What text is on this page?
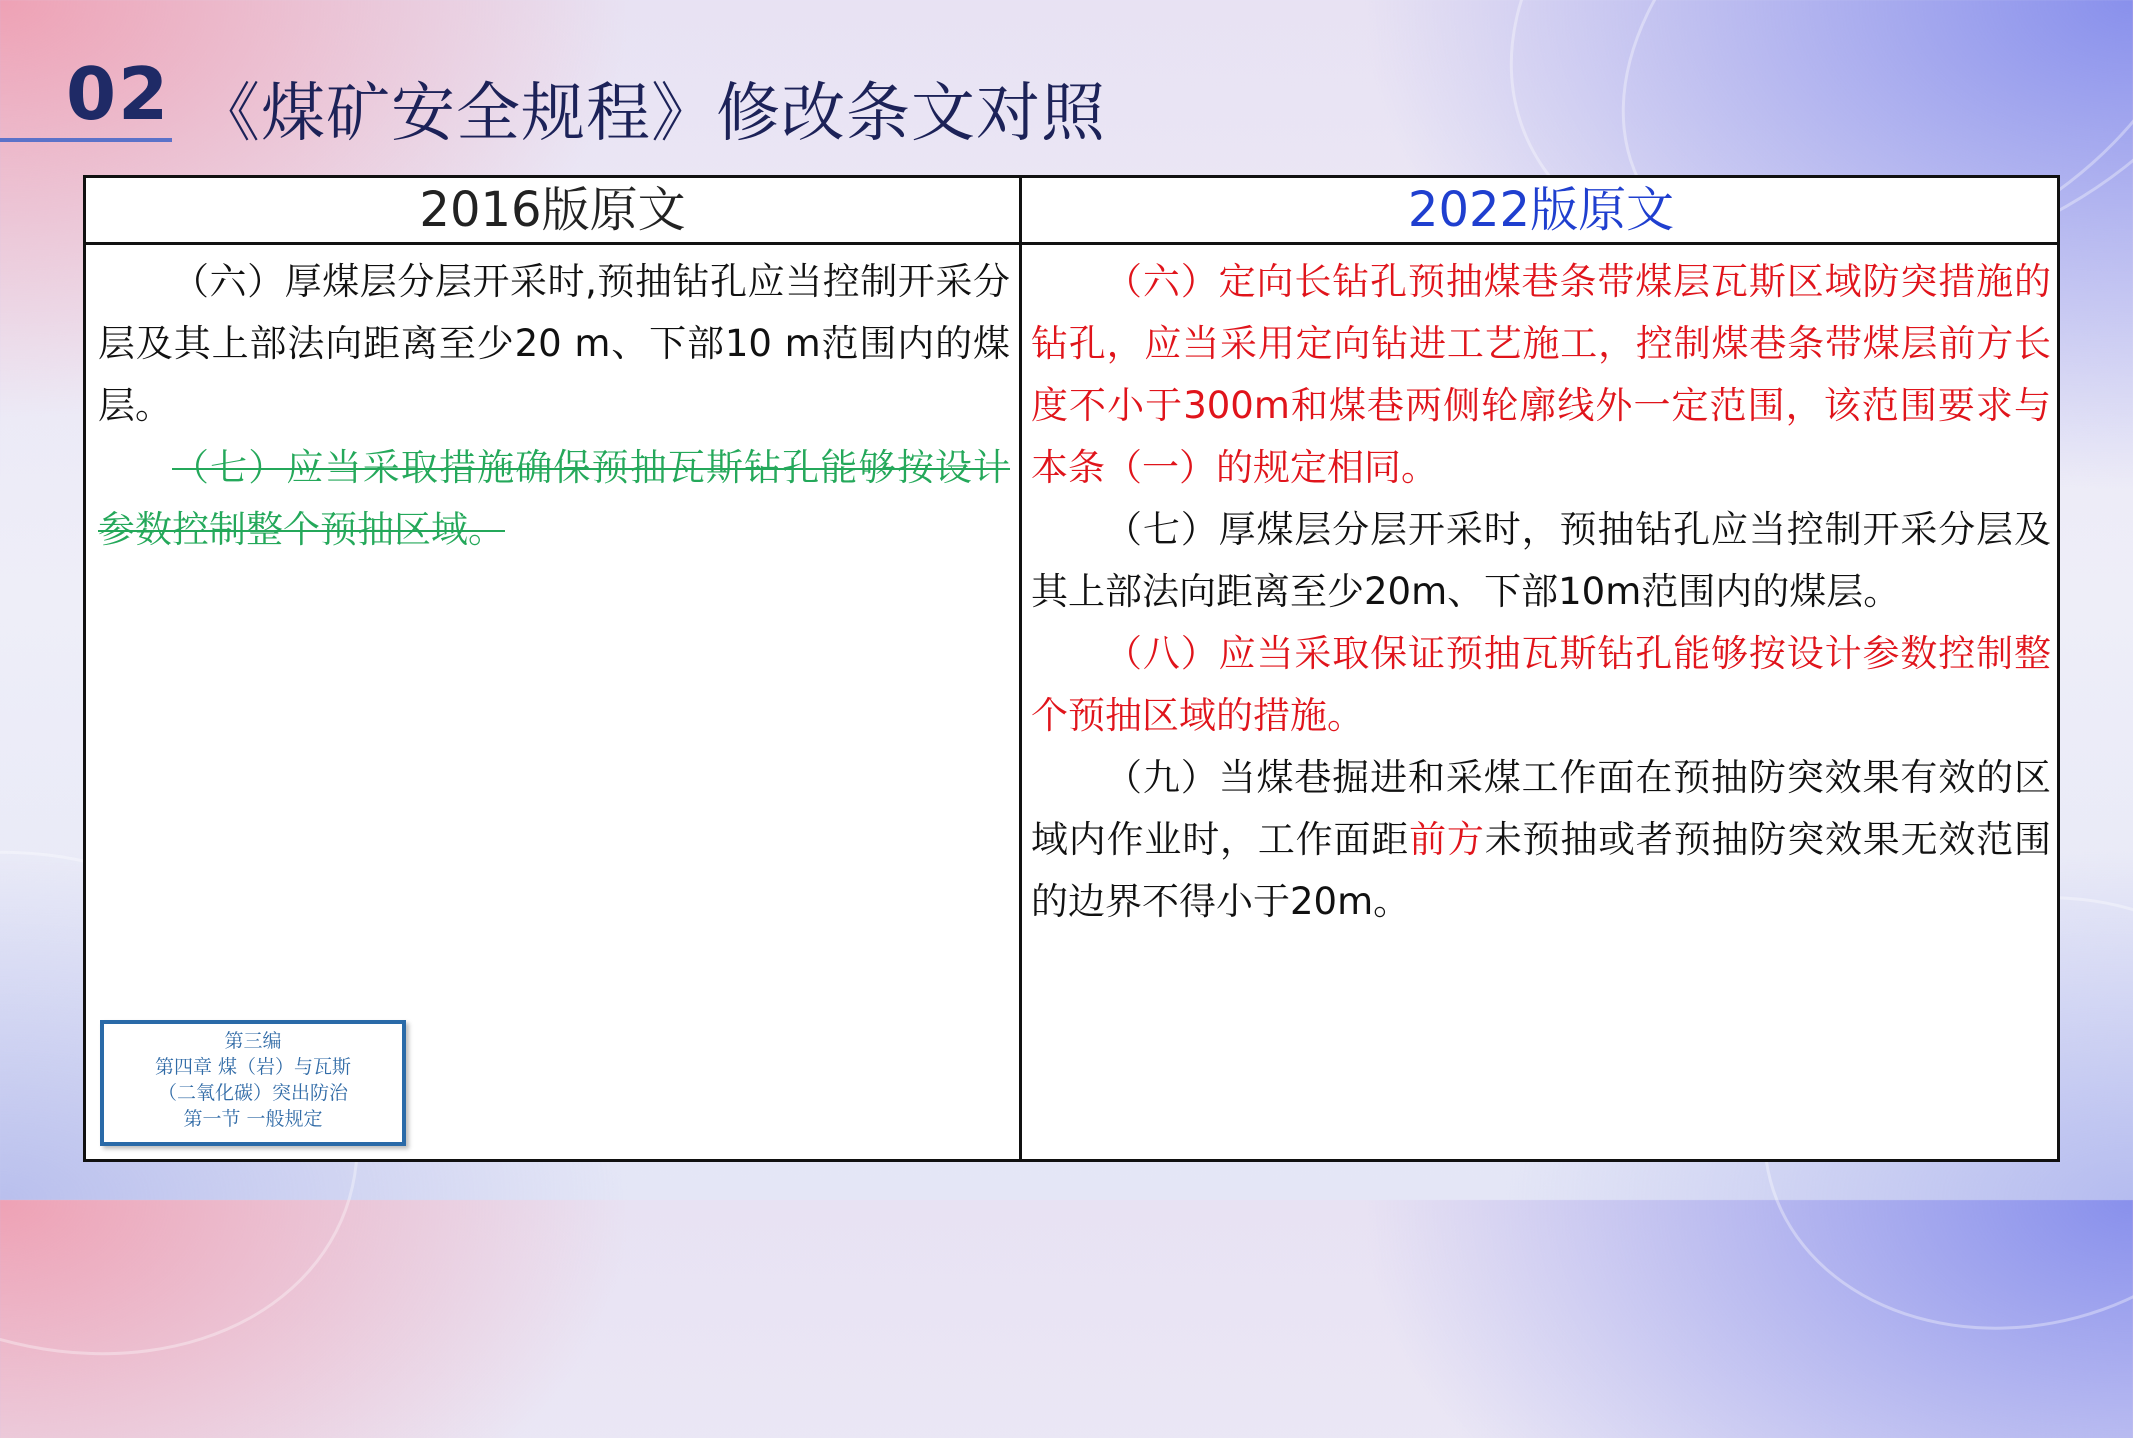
02 《煤矿安全规程》修改条文对照
2016版原文	2022版原文

（六）厚煤层分层开采时,预抽钻孔应当控制开采分层及其上部法向距离至少20 m、下部10 m范围内的煤层。

（七）应当采取措施确保预抽瓦斯钻孔能够按设计参数控制整个预抽区域。

（六）定向长钻孔预抽煤巷条带煤层瓦斯区域防突措施的钻孔，应当采用定向钻进工艺施工，控制煤巷条带煤层前方长度不小于300m和煤巷两侧轮廓线外一定范围，该范围要求与本条（一）的规定相同。

（七）厚煤层分层开采时，预抽钻孔应当控制开采分层及其上部法向距离至少20m、下部10m范围内的煤层。

（八）应当采取保证预抽瓦斯钻孔能够按设计参数控制整个预抽区域的措施。

（九）当煤巷掘进和采煤工作面在预抽防突效果有效的区域内作业时，工作面距前方未预抽或者预抽防突效果无效范围的边界不得小于20m。

第三编
第四章 煤（岩）与瓦斯
（二氧化碳）突出防治
第一节 一般规定
